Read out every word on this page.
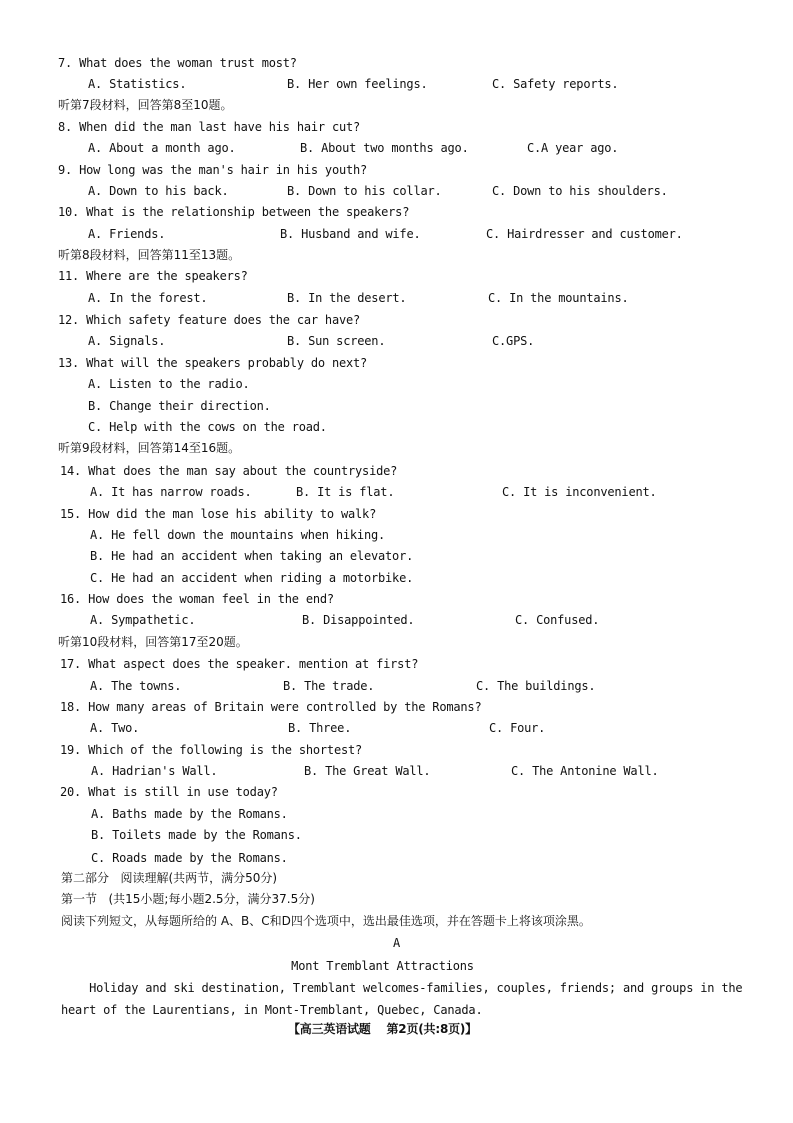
7. What does the woman trust most?
A. Statistics.	B. Her own feelings.	C. Safety reports.
听第7段材料，回答第8至10题。
8. When did the man last have his hair cut?
A. About a month ago.	B. About two months ago.	C.A year ago.
9. How long was the man's hair in his youth?
A. Down to his back.	B. Down to his collar.	C. Down to his shoulders.
10. What is the relationship between the speakers?
A. Friends.	B. Husband and wife.	C. Hairdresser and customer.
听第8段材料，回答第11至13题。
11. Where are the speakers?
A. In the forest.	B. In the desert.	C. In the mountains.
12. Which safety feature does the car have?
A. Signals.	B. Sun screen.	C.GPS.
13. What will the speakers probably do next?
A. Listen to the radio.
B. Change their direction.
C. Help with the cows on the road.
听第9段材料，回答第14至16题。
14. What does the man say about the countryside?
A. It has narrow roads.	B. It is flat.	C. It is inconvenient.
15. How did the man lose his ability to walk?
A. He fell down the mountains when hiking.
B. He had an accident when taking an elevator.
C. He had an accident when riding a motorbike.
16. How does the woman feel in the end?
A. Sympathetic.	B. Disappointed.	C. Confused.
听第10段材料，回答第17至20题。
17. What aspect does the speaker. mention at first?
A. The towns.	B. The trade.	C. The buildings.
18. How many areas of Britain were controlled by the Romans?
A. Two.	B. Three.	C. Four.
19. Which of the following is the shortest?
A. Hadrian's Wall.	B. The Great Wall.	C. The Antonine Wall.
20. What is still in use today?
A. Baths made by the Romans.
B. Toilets made by the Romans.
C. Roads made by the Romans.
第二部分   阅读理解(共两节，满分50分)
第一节   (共15小题;每小题2.5分，满分37.5分)
阅读下列短文，从每题所给的 A、B、C和D四个选项中，选出最佳选项，并在答题卡上将该项涂黑。
A
Mont Tremblant Attractions
Holiday and ski destination, Tremblant welcomes-families, couples, friends; and groups in the
heart of the Laurentians, in Mont-Tremblant, Quebec, Canada.
【高三英语试题    第2页(共:8页)】
